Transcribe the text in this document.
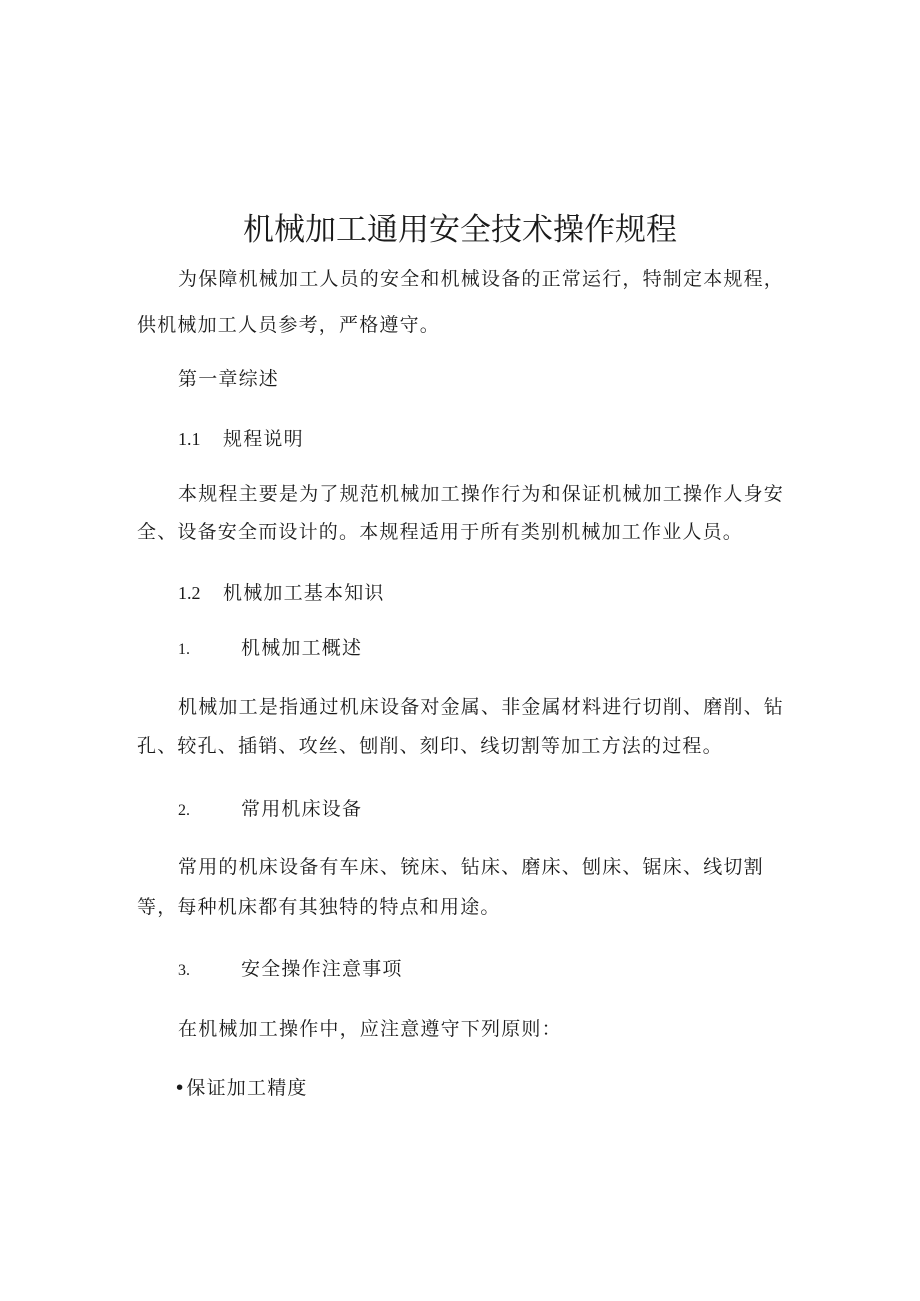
机械加工通用安全技术操作规程

为保障机械加工人员的安全和机械设备的正常运行，特制定本规程，

供机械加工人员参考，严格遵守。

第一章综述

1.1 规程说明

本规程主要是为了规范机械加工操作行为和保证机械加工操作人身安

全、设备安全而设计的。本规程适用于所有类别机械加工作业人员。

1.2 机械加工基本知识

1.	机械加工概述

机械加工是指通过机床设备对金属、非金属材料进行切削、磨削、钻

孔、较孔、插销、攻丝、刨削、刻印、线切割等加工方法的过程。

2.	常用机床设备

常用的机床设备有车床、铳床、钻床、磨床、刨床、锯床、线切割

等，每种机床都有其独特的特点和用途。

3.	安全操作注意事项

在机械加工操作中，应注意遵守下列原则：

•保证加工精度
